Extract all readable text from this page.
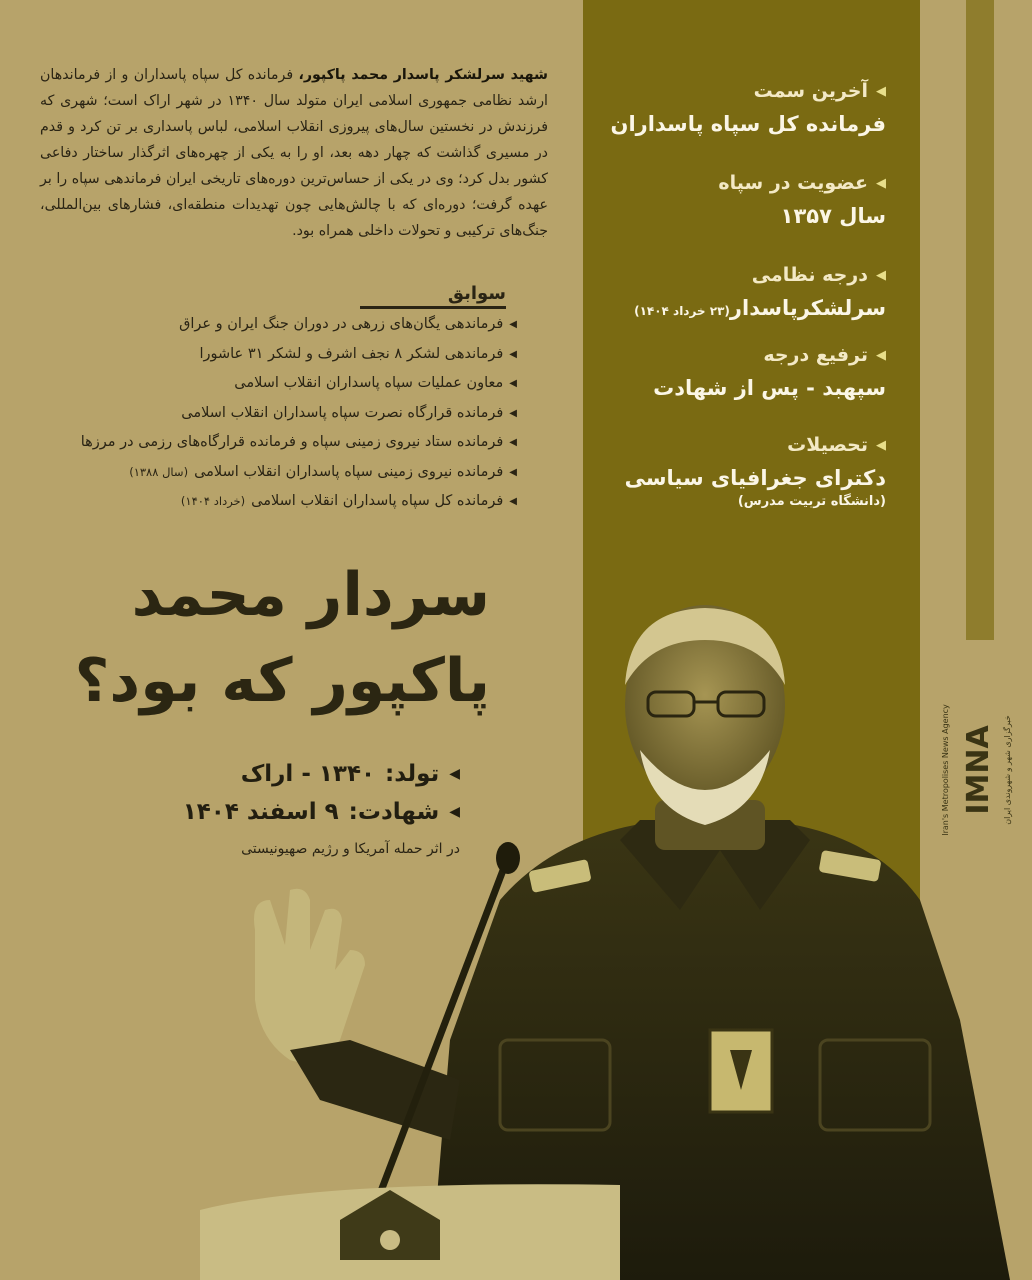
◀
آخرین سمت
فرمانده کل سپاه پاسداران
◀
عضویت در سپاه
سال ۱۳۵۷
◀
درجه نظامی
سرلشکرپاسدار(۲۳ خرداد ۱۴۰۴)
◀
ترفیع درجه
سپهبد - پس از شهادت
◀
تحصیلات
دکترای جغرافیای سیاسی
(دانشگاه تربیت مدرس)
شهید سرلشکر پاسدار محمد پاکپور، فرمانده کل سپاه پاسداران و از فرماندهان ارشد نظامی جمهوری اسلامی ایران متولد سال ۱۳۴۰ در شهر اراک است؛ شهری که فرزندش در نخستین سال‌های پیروزی انقلاب اسلامی، لباس پاسداری بر تن کرد و قدم در مسیری گذاشت که چهار دهه بعد، او را به یکی از چهره‌های اثرگذار ساختار دفاعی کشور بدل کرد؛ وی در یکی از حساس‌ترین دوره‌های تاریخی ایران فرماندهی سپاه را بر عهده گرفت؛ دوره‌ای که با چالش‌هایی چون تهدیدات منطقه‌ای، فشارهای بین‌المللی، جنگ‌های ترکیبی و تحولات داخلی همراه بود.
سوابق
◀
فرماندهی یگان‌های زرهی در دوران جنگ ایران و عراق
◀
فرماندهی لشکر ۸ نجف اشرف و لشکر ۳۱ عاشورا
◀
معاون عملیات سپاه پاسداران انقلاب اسلامی
◀
فرمانده قرارگاه نصرت سپاه پاسداران انقلاب اسلامی
◀
فرمانده ستاد نیروی زمینی سپاه و فرمانده قرارگاه‌های رزمی در مرزها
◀
فرمانده نیروی زمینی سپاه پاسداران انقلاب اسلامی
(سال ۱۳۸۸)
◀
فرمانده کل سپاه پاسداران انقلاب اسلامی
(خرداد ۱۴۰۴)
سردار محمد
پاکپور که بود؟
◀
تولد:
۱۳۴۰ - اراک
◀
شهادت:
۹ اسفند ۱۴۰۴
در اثر حمله آمریکا و رژیم صهیونیستی
IMNA
Iran's Metropolises News Agency	خبرگزاری شهر و شهروندی ایران
